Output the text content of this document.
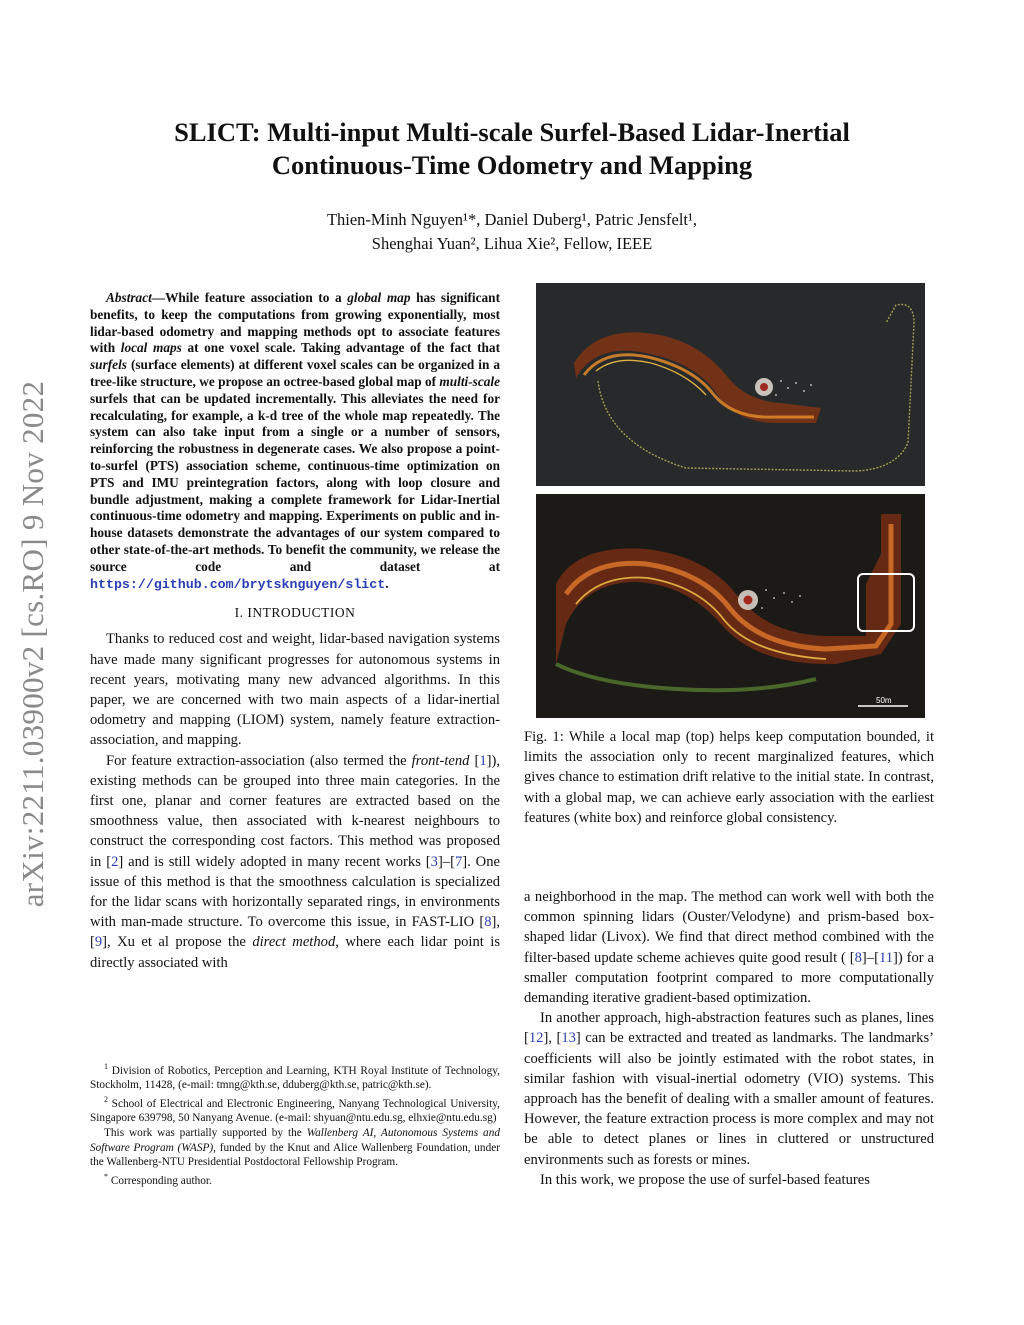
arXiv:2211.03900v2 [cs.RO] 9 Nov 2022
SLICT: Multi-input Multi-scale Surfel-Based Lidar-Inertial
Continuous-Time Odometry and Mapping
Thien-Minh Nguyen¹*, Daniel Duberg¹, Patric Jensfelt¹,
Shenghai Yuan², Lihua Xie², Fellow, IEEE

Abstract—While feature association to a global map has significant benefits, to keep the computations from growing exponentially, most lidar-based odometry and mapping methods opt to associate features with local maps at one voxel scale. Taking advantage of the fact that surfels (surface elements) at different voxel scales can be organized in a tree-like structure, we propose an octree-based global map of multi-scale surfels that can be updated incrementally. This alleviates the need for recalculating, for example, a k-d tree of the whole map repeatedly. The system can also take input from a single or a number of sensors, reinforcing the robustness in degenerate cases. We also propose a point-to-surfel (PTS) association scheme, continuous-time optimization on PTS and IMU preintegration factors, along with loop closure and bundle adjustment, making a complete framework for Lidar-Inertial continuous-time odometry and mapping. Experiments on public and in-house datasets demonstrate the advantages of our system compared to other state-of-the-art methods. To benefit the community, we release the source code and dataset at https://github.com/brytsknguyen/slict.

I. INTRODUCTION

Thanks to reduced cost and weight, lidar-based navigation systems have made many significant progresses for autonomous systems in recent years, motivating many new advanced algorithms. In this paper, we are concerned with two main aspects of a lidar-inertial odometry and mapping (LIOM) system, namely feature extraction-association, and mapping.

For feature extraction-association (also termed the front-tend [1]), existing methods can be grouped into three main categories. In the first one, planar and corner features are extracted based on the smoothness value, then associated with k-nearest neighbours to construct the corresponding cost factors. This method was proposed in [2] and is still widely adopted in many recent works [3]–[7]. One issue of this method is that the smoothness calculation is specialized for the lidar scans with horizontally separated rings, in environments with man-made structure. To overcome this issue, in FAST-LIO [8], [9], Xu et al propose the direct method, where each lidar point is directly associated with

$^1$ Division of Robotics, Perception and Learning, KTH Royal Institute of Technology, Stockholm, 11428, (e-mail: tmng@kth.se, dduberg@kth.se, patric@kth.se).

$^2$ School of Electrical and Electronic Engineering, Nanyang Technological University, Singapore 639798, 50 Nanyang Avenue. (e-mail: shyuan@ntu.edu.sg, elhxie@ntu.edu.sg)

This work was partially supported by the Wallenberg AI, Autonomous Systems and Software Program (WASP), funded by the Knut and Alice Wallenberg Foundation, under the Wallenberg-NTU Presidential Postdoctoral Fellowship Program.

* Corresponding author.

50m

Fig. 1: While a local map (top) helps keep computation bounded, it limits the association only to recent marginalized features, which gives chance to estimation drift relative to the initial state. In contrast, with a global map, we can achieve early association with the earliest features (white box) and reinforce global consistency.

a neighborhood in the map. The method can work well with both the common spinning lidars (Ouster/Velodyne) and prism-based box-shaped lidar (Livox). We find that direct method combined with the filter-based update scheme achieves quite good result ( [8]–[11]) for a smaller computation footprint compared to more computationally demanding iterative gradient-based optimization.

In another approach, high-abstraction features such as planes, lines [12], [13] can be extracted and treated as landmarks. The landmarks’ coefficients will also be jointly estimated with the robot states, in similar fashion with visual-inertial odometry (VIO) systems. This approach has the benefit of dealing with a smaller amount of features. However, the feature extraction process is more complex and may not be able to detect planes or lines in cluttered or unstructured environments such as forests or mines.

In this work, we propose the use of surfel-based features
